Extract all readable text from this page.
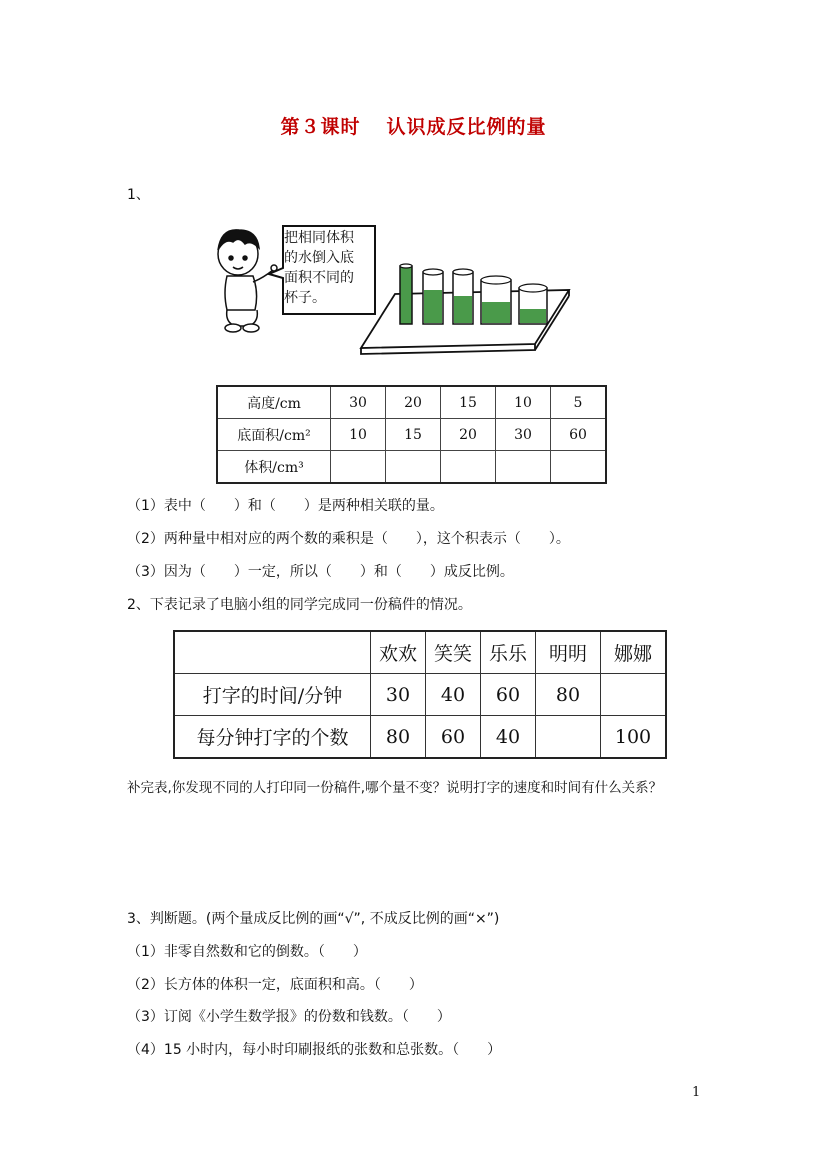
第３课时 认识成反比例的量
1、
把相同体积
的水倒入底
面积不同的
杯子。
高度/cm	30	20	15	10	5
底面积/cm²	10	15	20	30	60
体积/cm³					
（1）表中（　　）和（　　）是两种相关联的量。
（2）两种量中相对应的两个数的乘积是（　　），这个积表示（　　）。
（3）因为（　　）一定，所以（　　）和（　　）成反比例。
2、下表记录了电脑小组的同学完成同一份稿件的情况。
	欢欢	笑笑	乐乐	明明	娜娜
打字的时间/分钟	30	40	60	80	
每分钟打字的个数	80	60	40		100
补完表,你发现不同的人打印同一份稿件,哪个量不变？说明打字的速度和时间有什么关系？
3、判断题。(两个量成反比例的画“√”, 不成反比例的画“×”)
（1）非零自然数和它的倒数。（　　）
（2）长方体的体积一定，底面积和高。（　　）
（3）订阅《小学生数学报》的份数和钱数。（　　）
（4）15 小时内，每小时印刷报纸的张数和总张数。（　　）
1
